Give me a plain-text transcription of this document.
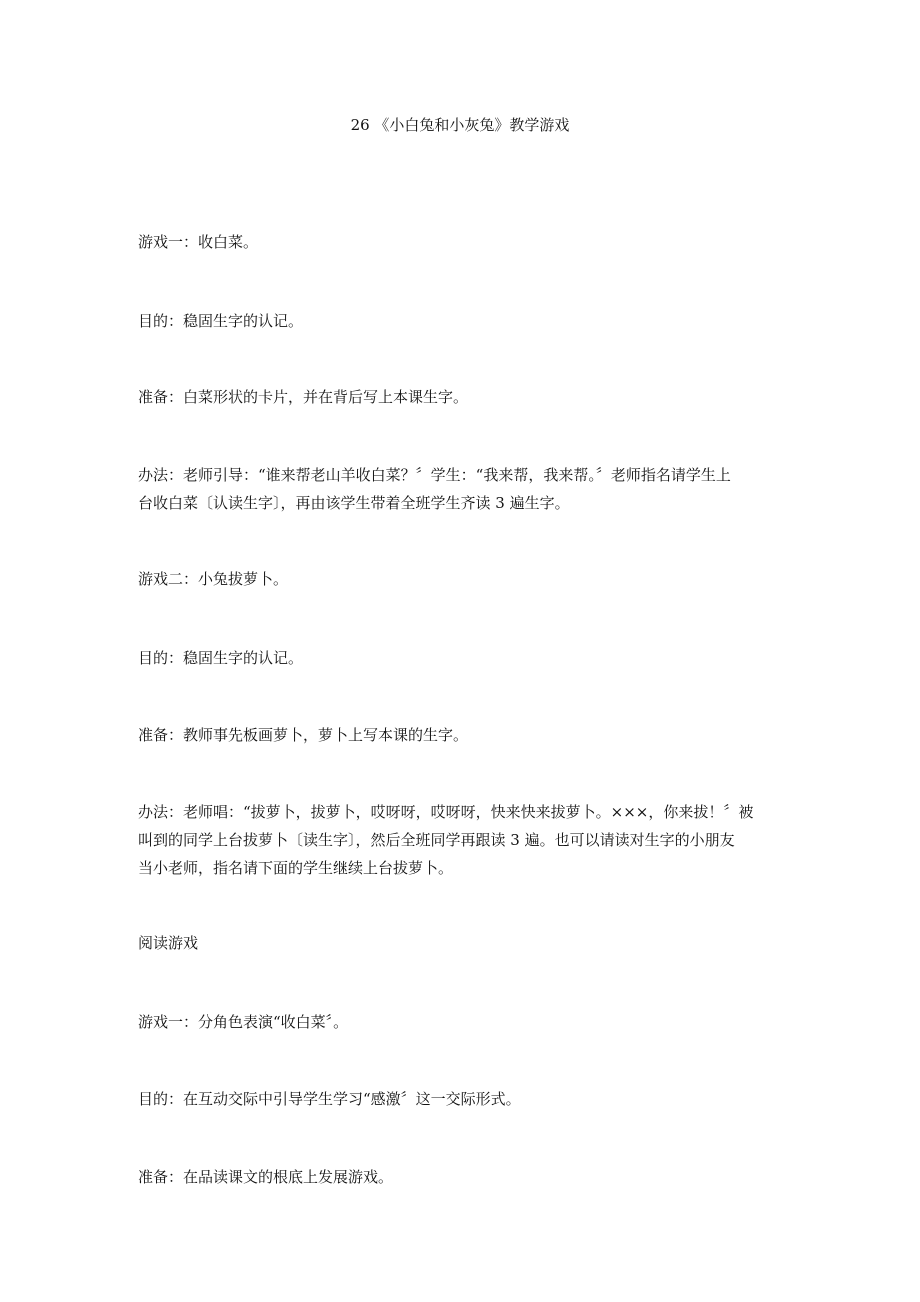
26 《小白兔和小灰兔》教学游戏

游戏一：收白菜。

目的：稳固生字的认记。

准备：白菜形状的卡片，并在背后写上本课生字。

办法：老师引导：“谁来帮老山羊收白菜？〞学生：“我来帮，我来帮。〞老师指名请学生上
台收白菜〔认读生字〕，再由该学生带着全班学生齐读 3 遍生字。

游戏二：小兔拔萝卜。

目的：稳固生字的认记。

准备：教师事先板画萝卜，萝卜上写本课的生字。

办法：老师唱：“拔萝卜，拔萝卜，哎呀呀，哎呀呀，快来快来拔萝卜。×××，你来拔！〞被
叫到的同学上台拔萝卜〔读生字〕，然后全班同学再跟读 3 遍。也可以请读对生字的小朋友
当小老师，指名请下面的学生继续上台拔萝卜。

阅读游戏

游戏一：分角色表演“收白菜〞。

目的：在互动交际中引导学生学习“感激〞这一交际形式。

准备：在品读课文的根底上发展游戏。
